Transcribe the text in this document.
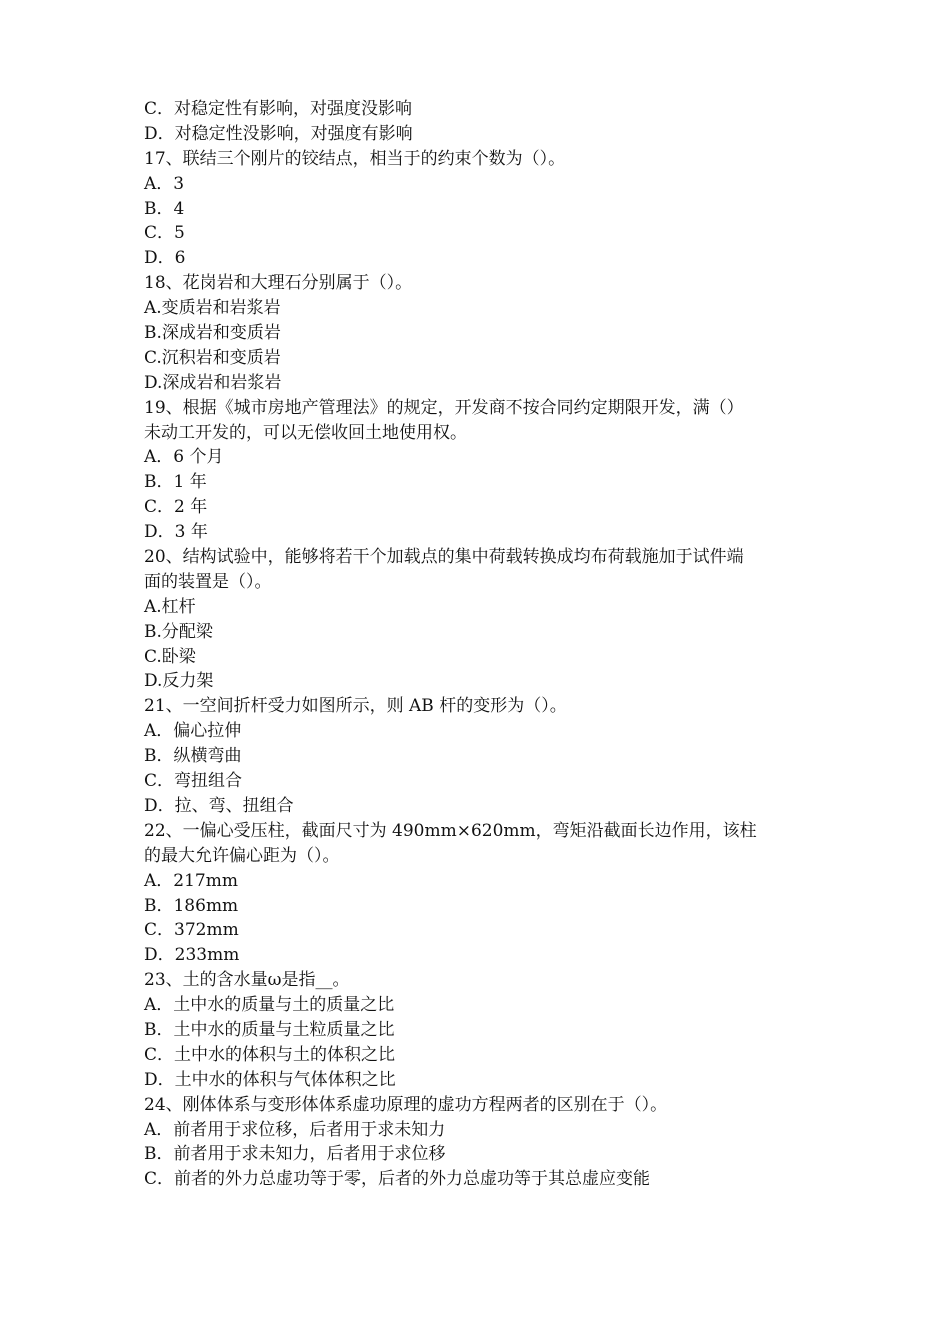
C．对稳定性有影响，对强度没影响
D．对稳定性没影响，对强度有影响
17、联结三个刚片的铰结点，相当于的约束个数为（）。
A．3
B．4
C．5
D．6
18、花岗岩和大理石分别属于（）。
A.变质岩和岩浆岩
B.深成岩和变质岩
C.沉积岩和变质岩
D.深成岩和岩浆岩
19、根据《城市房地产管理法》的规定，开发商不按合同约定期限开发，满（）
未动工开发的，可以无偿收回土地使用权。
A．6 个月
B．1 年
C．2 年
D．3 年
20、结构试验中，能够将若干个加载点的集中荷载转换成均布荷载施加于试件端
面的装置是（）。
A.杠杆
B.分配梁
C.卧梁
D.反力架
21、一空间折杆受力如图所示，则 AB 杆的变形为（）。
A．偏心拉伸
B．纵横弯曲
C．弯扭组合
D．拉、弯、扭组合
22、一偏心受压柱，截面尺寸为 490mm×620mm，弯矩沿截面长边作用，该柱
的最大允许偏心距为（）。
A．217mm
B．186mm
C．372mm
D．233mm
23、土的含水量ω是指__。
A．土中水的质量与土的质量之比
B．土中水的质量与土粒质量之比
C．土中水的体积与土的体积之比
D．土中水的体积与气体体积之比
24、刚体体系与变形体体系虚功原理的虚功方程两者的区别在于（）。
A．前者用于求位移，后者用于求未知力
B．前者用于求未知力，后者用于求位移
C．前者的外力总虚功等于零，后者的外力总虚功等于其总虚应变能
